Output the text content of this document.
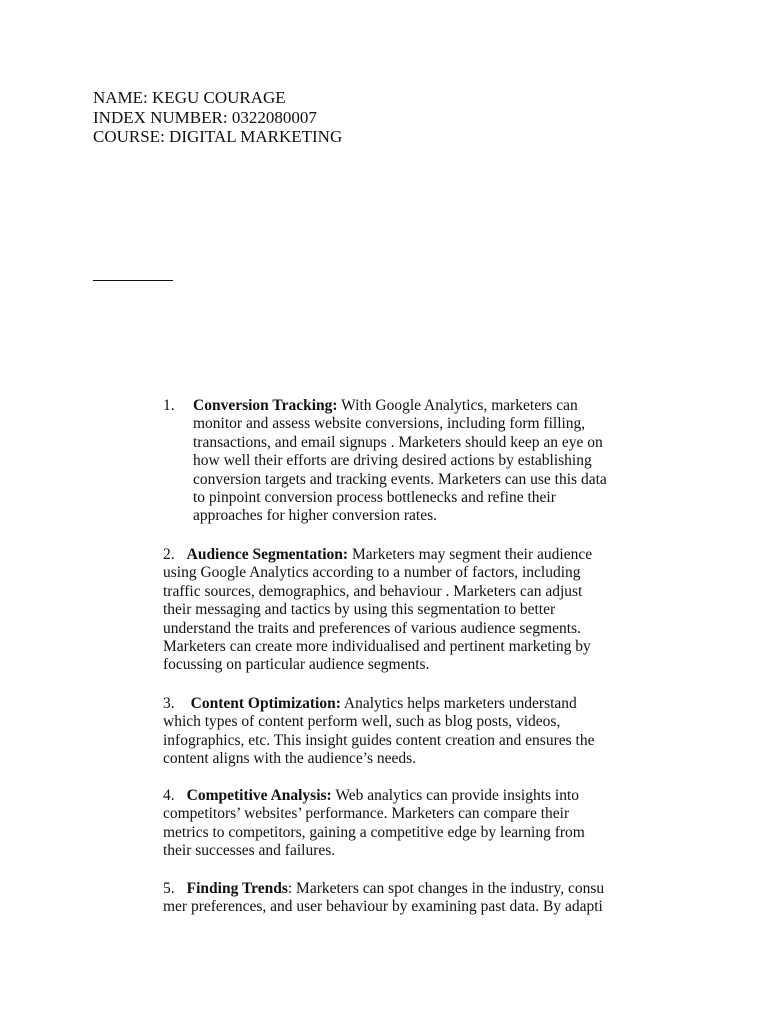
NAME: KEGU COURAGE
INDEX NUMBER: 0322080007
COURSE: DIGITAL MARKETING
1. Conversion Tracking: With Google Analytics, marketers can
monitor and assess website conversions, including form filling,
transactions, and email signups . Marketers should keep an eye on
how well their efforts are driving desired actions by establishing
conversion targets and tracking events. Marketers can use this data
to pinpoint conversion process bottlenecks and refine their
approaches for higher conversion rates.
2. Audience Segmentation: Marketers may segment their audience
using Google Analytics according to a number of factors, including
traffic sources, demographics, and behaviour . Marketers can adjust
their messaging and tactics by using this segmentation to better
understand the traits and preferences of various audience segments.
Marketers can create more individualised and pertinent marketing by
focussing on particular audience segments.
3. Content Optimization: Analytics helps marketers understand
which types of content perform well, such as blog posts, videos,
infographics, etc. This insight guides content creation and ensures the
content aligns with the audience’s needs.
4. Competitive Analysis: Web analytics can provide insights into
competitors’ websites’ performance. Marketers can compare their
metrics to competitors, gaining a competitive edge by learning from
their successes and failures.
5. Finding Trends: Marketers can spot changes in the industry, consu
mer preferences, and user behaviour by examining past data. By adapti
